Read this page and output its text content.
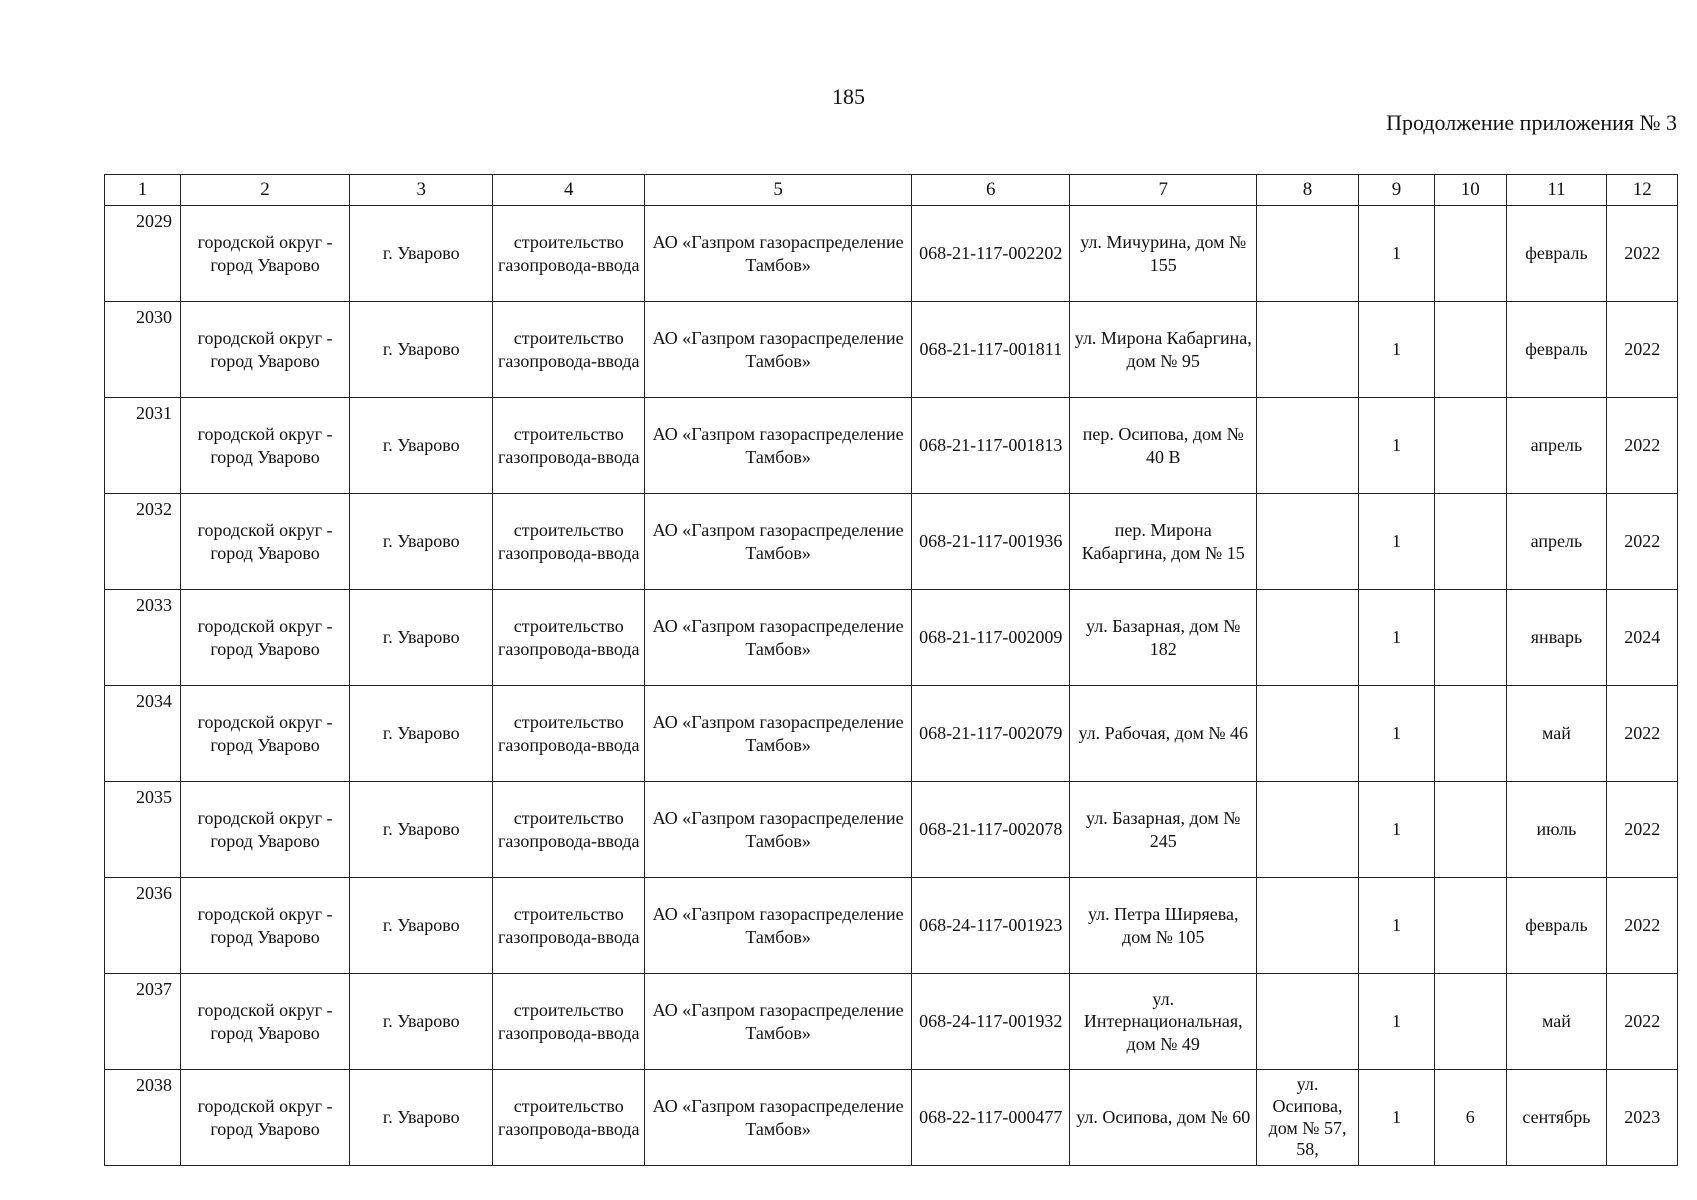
185
Продолжение приложения № 3
1	2	3	4	5	6	7	8	9	10	11	12
2029	городской округ - город Уварово	г. Уварово	строительство газопровода-ввода	АО «Газпром газораспределение Тамбов»	068-21-117-002202	ул. Мичурина, дом № 155		1		февраль	2022
2030	городской округ - город Уварово	г. Уварово	строительство газопровода-ввода	АО «Газпром газораспределение Тамбов»	068-21-117-001811	ул. Мирона Кабаргина, дом № 95		1		февраль	2022
2031	городской округ - город Уварово	г. Уварово	строительство газопровода-ввода	АО «Газпром газораспределение Тамбов»	068-21-117-001813	пер. Осипова, дом № 40 В		1		апрель	2022
2032	городской округ - город Уварово	г. Уварово	строительство газопровода-ввода	АО «Газпром газораспределение Тамбов»	068-21-117-001936	пер. Мирона Кабаргина, дом № 15		1		апрель	2022
2033	городской округ - город Уварово	г. Уварово	строительство газопровода-ввода	АО «Газпром газораспределение Тамбов»	068-21-117-002009	ул. Базарная, дом № 182		1		январь	2024
2034	городской округ - город Уварово	г. Уварово	строительство газопровода-ввода	АО «Газпром газораспределение Тамбов»	068-21-117-002079	ул. Рабочая, дом № 46		1		май	2022
2035	городской округ - город Уварово	г. Уварово	строительство газопровода-ввода	АО «Газпром газораспределение Тамбов»	068-21-117-002078	ул. Базарная, дом № 245		1		июль	2022
2036	городской округ - город Уварово	г. Уварово	строительство газопровода-ввода	АО «Газпром газораспределение Тамбов»	068-24-117-001923	ул. Петра Ширяева, дом № 105		1		февраль	2022
2037	городской округ - город Уварово	г. Уварово	строительство газопровода-ввода	АО «Газпром газораспределение Тамбов»	068-24-117-001932	ул. Интернациональная, дом № 49		1		май	2022
2038	городской округ - город Уварово	г. Уварово	строительство газопровода-ввода	АО «Газпром газораспределение Тамбов»	068-22-117-000477	ул. Осипова, дом № 60	ул. Осипова, дом № 57, 58,	1	6	сентябрь	2023
